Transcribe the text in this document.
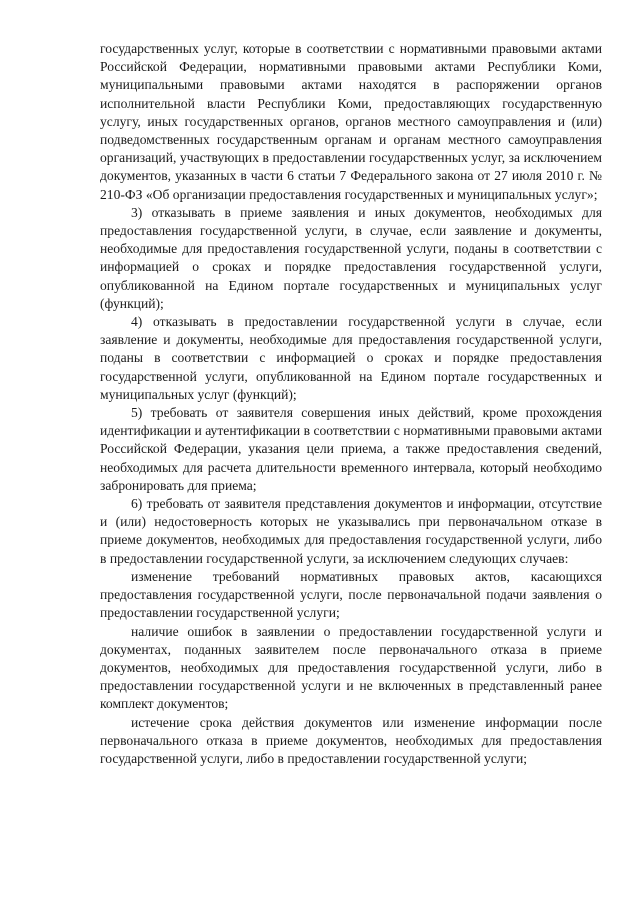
государственных услуг, которые в соответствии с нормативными правовыми актами Российской Федерации, нормативными правовыми актами Республики Коми, муниципальными правовыми актами находятся в распоряжении органов исполнительной власти Республики Коми, предоставляющих государственную услугу, иных государственных органов, органов местного самоуправления и (или) подведомственных государственным органам и органам местного самоуправления организаций, участвующих в предоставлении государственных услуг, за исключением документов, указанных в части 6 статьи 7 Федерального закона от 27 июля 2010 г. № 210-ФЗ «Об организации предоставления государственных и муниципальных услуг»;

3) отказывать в приеме заявления и иных документов, необходимых для предоставления государственной услуги, в случае, если заявление и документы, необходимые для предоставления государственной услуги, поданы в соответствии с информацией о сроках и порядке предоставления государственной услуги, опубликованной на Едином портале государственных и муниципальных услуг (функций);

4) отказывать в предоставлении государственной услуги в случае, если заявление и документы, необходимые для предоставления государственной услуги, поданы в соответствии с информацией о сроках и порядке предоставления государственной услуги, опубликованной на Едином портале государственных и муниципальных услуг (функций);

5) требовать от заявителя совершения иных действий, кроме прохождения идентификации и аутентификации в соответствии с нормативными правовыми актами Российской Федерации, указания цели приема, а также предоставления сведений, необходимых для расчета длительности временного интервала, который необходимо забронировать для приема;

6) требовать от заявителя представления документов и информации, отсутствие и (или) недостоверность которых не указывались при первоначальном отказе в приеме документов, необходимых для предоставления государственной услуги, либо в предоставлении государственной услуги, за исключением следующих случаев:

изменение требований нормативных правовых актов, касающихся предоставления государственной услуги, после первоначальной подачи заявления о предоставлении государственной услуги;

наличие ошибок в заявлении о предоставлении государственной услуги и документах, поданных заявителем после первоначального отказа в приеме документов, необходимых для предоставления государственной услуги, либо в предоставлении государственной услуги и не включенных в представленный ранее комплект документов;

истечение срока действия документов или изменение информации после первоначального отказа в приеме документов, необходимых для предоставления государственной услуги, либо в предоставлении государственной услуги;
